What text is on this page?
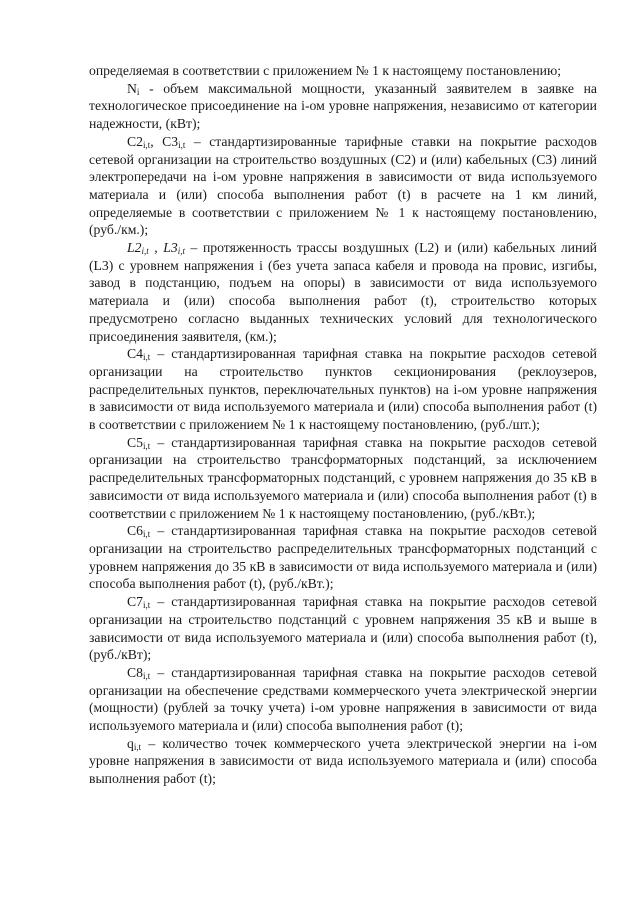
определяемая в соответствии с приложением № 1 к настоящему постановлению;

$N_i$ - объем максимальной мощности, указанный заявителем в заявке на технологическое присоединение на i-ом уровне напряжения, независимо от категории надежности, (кВт);

$C2_{i,t}$, $C3_{i,t}$ – стандартизированные тарифные ставки на покрытие расходов сетевой организации на строительство воздушных (C2) и (или) кабельных (C3) линий электропередачи на i-ом уровне напряжения в зависимости от вида используемого материала и (или) способа выполнения работ (t) в расчете на 1 км линий, определяемые в соответствии с приложением № 1 к настоящему постановлению, (руб./км.);

$L2_{i,t}$ , $L3_{i,t}$ – протяженность трассы воздушных (L2) и (или) кабельных линий (L3) с уровнем напряжения i (без учета запаса кабеля и провода на провис, изгибы, завод в подстанцию, подъем на опоры) в зависимости от вида используемого материала и (или) способа выполнения работ (t), строительство которых предусмотрено согласно выданных технических условий для технологического присоединения заявителя, (км.);

$C4_{i,t}$ – стандартизированная тарифная ставка на покрытие расходов сетевой организации на строительство пунктов секционирования (реклоузеров, распределительных пунктов, переключательных пунктов) на i-ом уровне напряжения в зависимости от вида используемого материала и (или) способа выполнения работ (t) в соответствии с приложением № 1 к настоящему постановлению, (руб./шт.);

$C5_{i,t}$ – стандартизированная тарифная ставка на покрытие расходов сетевой организации на строительство трансформаторных подстанций, за исключением распределительных трансформаторных подстанций, с уровнем напряжения до 35 кВ в зависимости от вида используемого материала и (или) способа выполнения работ (t) в соответствии с приложением № 1 к настоящему постановлению, (руб./кВт.);

$C6_{i,t}$ – стандартизированная тарифная ставка на покрытие расходов сетевой организации на строительство распределительных трансформаторных подстанций с уровнем напряжения до 35 кВ в зависимости от вида используемого материала и (или) способа выполнения работ (t), (руб./кВт.);

$C7_{i,t}$ – стандартизированная тарифная ставка на покрытие расходов сетевой организации на строительство подстанций с уровнем напряжения 35 кВ и выше в зависимости от вида используемого материала и (или) способа выполнения работ (t), (руб./кВт);

$C8_{i,t}$ – стандартизированная тарифная ставка на покрытие расходов сетевой организации на обеспечение средствами коммерческого учета электрической энергии (мощности) (рублей за точку учета) i-ом уровне напряжения в зависимости от вида используемого материала и (или) способа выполнения работ (t);

$q_{i,t}$ – количество точек коммерческого учета электрической энергии на i-ом уровне напряжения в зависимости от вида используемого материала и (или) способа выполнения работ (t);
